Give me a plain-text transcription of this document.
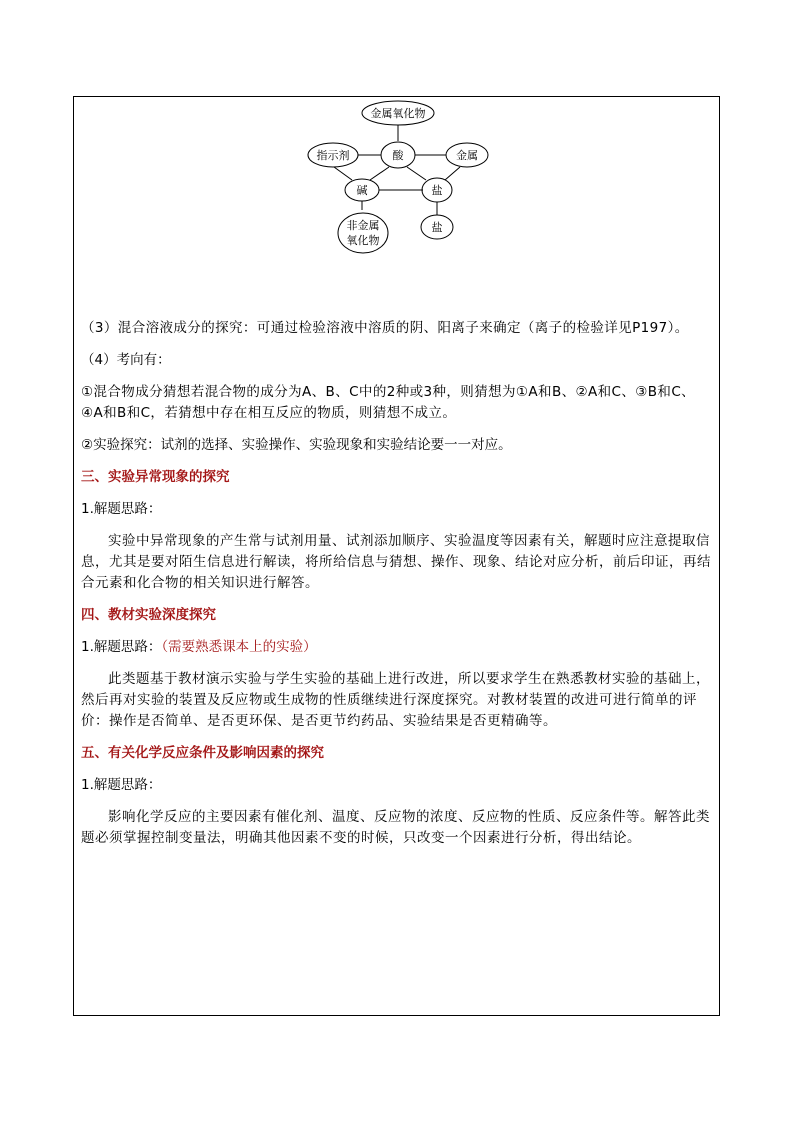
金属氧化物
指示剂	酸	金属
碱	盐
非金属
氧化物
盐

（3）混合溶液成分的探究：可通过检验溶液中溶质的阴、阳离子来确定（离子的检验详见P197）。

（4）考向有：

①混合物成分猜想若混合物的成分为A、B、C中的2种或3种，则猜想为①A和B、②A和C、③B和C、④A和B和C，若猜想中存在相互反应的物质，则猜想不成立。

②实验探究：试剂的选择、实验操作、实验现象和实验结论要一一对应。

三、实验异常现象的探究

1.解题思路：

实验中异常现象的产生常与试剂用量、试剂添加顺序、实验温度等因素有关，解题时应注意提取信息，尤其是要对陌生信息进行解读，将所给信息与猜想、操作、现象、结论对应分析，前后印证，再结合元素和化合物的相关知识进行解答。

四、教材实验深度探究

1.解题思路：（需要熟悉课本上的实验）

此类题基于教材演示实验与学生实验的基础上进行改进，所以要求学生在熟悉教材实验的基础上，然后再对实验的装置及反应物或生成物的性质继续进行深度探究。对教材装置的改进可进行简单的评价：操作是否简单、是否更环保、是否更节约药品、实验结果是否更精确等。

五、有关化学反应条件及影响因素的探究

1.解题思路：

影响化学反应的主要因素有催化剂、温度、反应物的浓度、反应物的性质、反应条件等。解答此类题必须掌握控制变量法，明确其他因素不变的时候，只改变一个因素进行分析，得出结论。
